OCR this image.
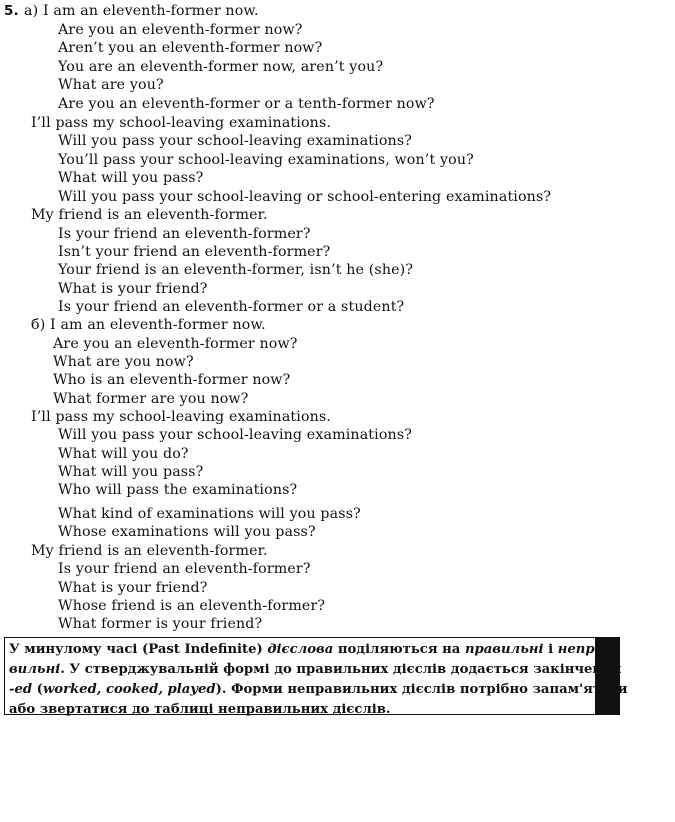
5. а) I am an eleventh-former now.
Are you an eleventh-former now?
Aren’t you an eleventh-former now?
You are an eleventh-former now, aren’t you?
What are you?
Are you an eleventh-former or a tenth-former now?
I’ll pass my school-leaving examinations.
Will you pass your school-leaving examinations?
You’ll pass your school-leaving examinations, won’t you?
What will you pass?
Will you pass your school-leaving or school-entering examinations?
My friend is an eleventh-former.
Is your friend an eleventh-former?
Isn’t your friend an eleventh-former?
Your friend is an eleventh-former, isn’t he (she)?
What is your friend?
Is your friend an eleventh-former or a student?
б) I am an eleventh-former now.
Are you an eleventh-former now?
What are you now?
Who is an eleventh-former now?
What former are you now?
I’ll pass my school-leaving examinations.
Will you pass your school-leaving examinations?
What will you do?
What will you pass?
Who will pass the examinations?
What kind of examinations will you pass?
Whose examinations will you pass?
My friend is an eleventh-former.
Is your friend an eleventh-former?
What is your friend?
Whose friend is an eleventh-former?
What former is your friend?
У минулому часі (Past Indefinite) дієслова поділяються на правильні і непра-
вильні. У стверджувальній формі до правильних дієслів додається закінчення
-ed (worked, cooked, played). Форми неправильних дієслів потрібно запам'ятати
або звертатися до таблиці неправильних дієслів.
